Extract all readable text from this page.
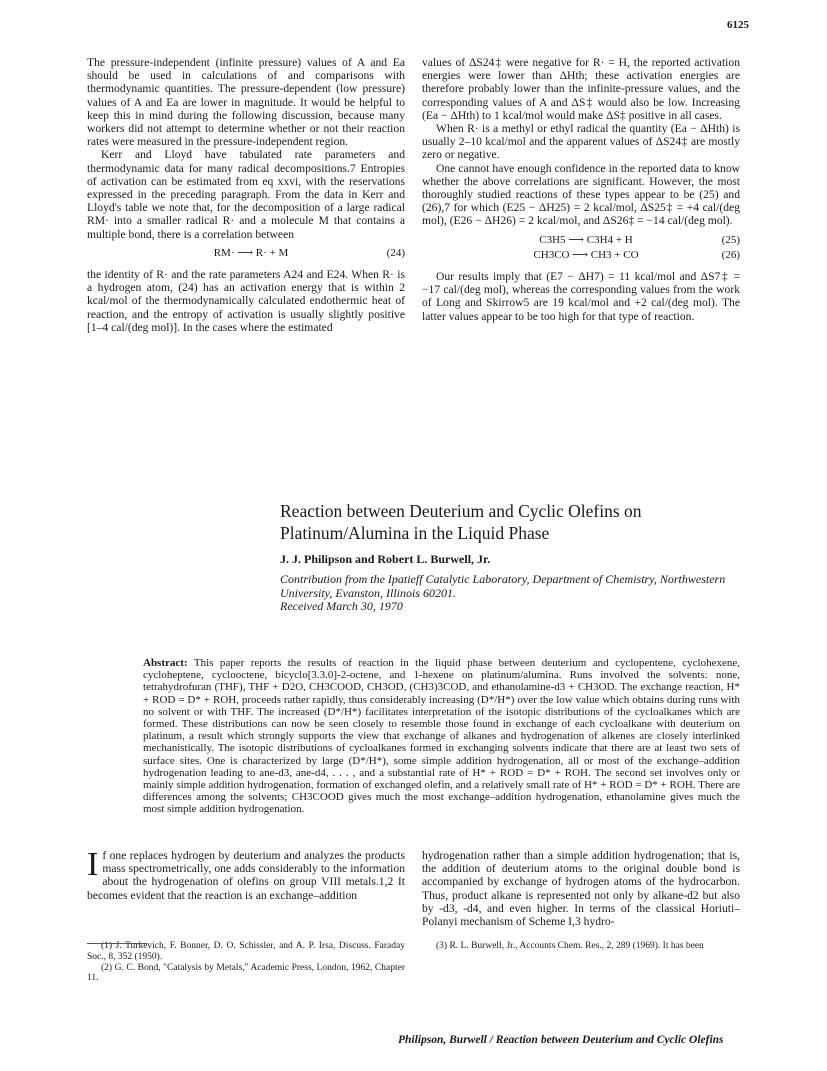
6125

The pressure-independent (infinite pressure) values of A and Ea should be used in calculations of and comparisons with thermodynamic quantities. The pressure-dependent (low pressure) values of A and Ea are lower in magnitude. It would be helpful to keep this in mind during the following discussion, because many workers did not attempt to determine whether or not their reaction rates were measured in the pressure-independent region.

Kerr and Lloyd have tabulated rate parameters and thermodynamic data for many radical decompositions.7 Entropies of activation can be estimated from eq xxvi, with the reservations expressed in the preceding paragraph. From the data in Kerr and Lloyd's table we note that, for the decomposition of a large radical RM· into a smaller radical R· and a molecule M that contains a multiple bond, there is a correlation between

RM· ⟶ R· + M	(24)

the identity of R· and the rate parameters A24 and E24. When R· is a hydrogen atom, (24) has an activation energy that is within 2 kcal/mol of the thermodynamically calculated endothermic heat of reaction, and the entropy of activation is usually slightly positive [1–4 cal/(deg mol)]. In the cases where the estimated

values of ΔS24‡ were negative for R· = H, the reported activation energies were lower than ΔHth; these activation energies are therefore probably lower than the infinite-pressure values, and the corresponding values of A and ΔS‡ would also be low. Increasing (Ea − ΔHth) to 1 kcal/mol would make ΔS‡ positive in all cases.

When R· is a methyl or ethyl radical the quantity (Ea − ΔHth) is usually 2–10 kcal/mol and the apparent values of ΔS24‡ are mostly zero or negative.

One cannot have enough confidence in the reported data to know whether the above correlations are significant. However, the most thoroughly studied reactions of these types appear to be (25) and (26),7 for which (E25 − ΔH25) = 2 kcal/mol, ΔS25‡ = +4 cal/(deg mol), (E26 − ΔH26) = 2 kcal/mol, and ΔS26‡ = −14 cal/(deg mol).

C3H5 ⟶ C3H4 + H	(25)
CH3CO ⟶ CH3 + CO	(26)

Our results imply that (E7 − ΔH7) = 11 kcal/mol and ΔS7‡ = −17 cal/(deg mol), whereas the corresponding values from the work of Long and Skirrow5 are 19 kcal/mol and +2 cal/(deg mol). The latter values appear to be too high for that type of reaction.

Reaction between Deuterium and Cyclic Olefins on Platinum/Alumina in the Liquid Phase
J. J. Philipson and Robert L. Burwell, Jr.
Contribution from the Ipatieff Catalytic Laboratory, Department of Chemistry, Northwestern University, Evanston, Illinois 60201.
Received March 30, 1970
Abstract: This paper reports the results of reaction in the liquid phase between deuterium and cyclopentene, cyclohexene, cycloheptene, cyclooctene, bicyclo[3.3.0]-2-octene, and 1-hexene on platinum/alumina. Runs involved the solvents: none, tetrahydrofuran (THF), THF + D2O, CH3COOD, CH3OD, (CH3)3COD, and ethanolamine-d3 + CH3OD. The exchange reaction, H* + ROD = D* + ROH, proceeds rather rapidly, thus considerably increasing (D*/H*) over the low value which obtains during runs with no solvent or with THF. The increased (D*/H*) facilitates interpretation of the isotopic distributions of the cycloalkanes which are formed. These distributions can now be seen closely to resemble those found in exchange of each cycloalkane with deuterium on platinum, a result which strongly supports the view that exchange of alkanes and hydrogenation of alkenes are closely interlinked mechanistically. The isotopic distributions of cycloalkanes formed in exchanging solvents indicate that there are at least two sets of surface sites. One is characterized by large (D*/H*), some simple addition hydrogenation, all or most of the exchange–addition hydrogenation leading to ane-d3, ane-d4, . . . , and a substantial rate of H* + ROD = D* + ROH. The second set involves only or mainly simple addition hydrogenation, formation of exchanged olefin, and a relatively small rate of H* + ROD = D* + ROH. There are differences among the solvents; CH3COOD gives much the most exchange–addition hydrogenation, ethanolamine gives much the most simple addition hydrogenation.
I f one replaces hydrogen by deuterium and analyzes the products mass spectrometrically, one adds considerably to the information about the hydrogenation of olefins on group VIII metals.1,2 It becomes evident that the reaction is an exchange–addition

(1) J. Turkevich, F. Bonner, D. O. Schissler, and A. P. Irsa, Discuss. Faraday Soc., 8, 352 (1950).

(2) G. C. Bond, "Catalysis by Metals," Academic Press, London, 1962, Chapter 11.

hydrogenation rather than a simple addition hydrogenation; that is, the addition of deuterium atoms to the original double bond is accompanied by exchange of hydrogen atoms of the hydrocarbon. Thus, product alkane is represented not only by alkane-d2 but also by -d3, -d4, and even higher. In terms of the classical Horiuti–Polanyi mechanism of Scheme I,3 hydro-

(3) R. L. Burwell, Jr., Accounts Chem. Res., 2, 289 (1969). It has been

Philipson, Burwell / Reaction between Deuterium and Cyclic Olefins
